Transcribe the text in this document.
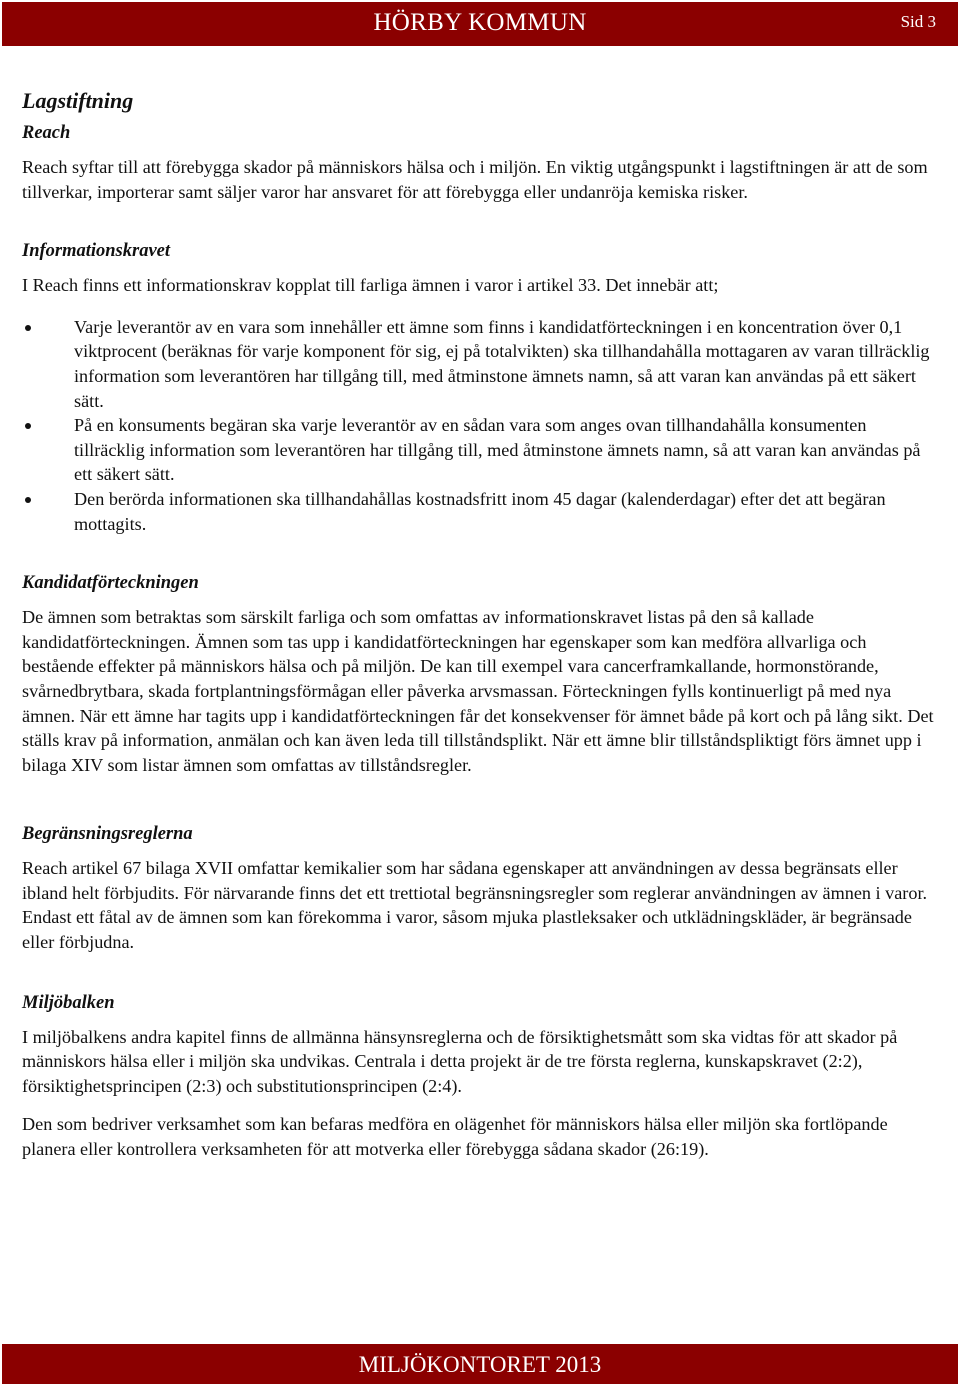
HÖRBY KOMMUN	Sid 3

Lagstiftning

Reach

Reach syftar till att förebygga skador på människors hälsa och i miljön. En viktig utgångspunkt i lagstiftningen är att de som tillverkar, importerar samt säljer varor har ansvaret för att förebygga eller undanröja kemiska risker.

Informationskravet

I Reach finns ett informationskrav kopplat till farliga ämnen i varor i artikel 33. Det innebär att;

Varje leverantör av en vara som innehåller ett ämne som finns i kandidatförteckningen i en koncentration över 0,1 viktprocent (beräknas för varje komponent för sig, ej på totalvikten) ska tillhandahålla mottagaren av varan tillräcklig information som leverantören har tillgång till, med åtminstone ämnets namn, så att varan kan användas på ett säkert sätt.
På en konsuments begäran ska varje leverantör av en sådan vara som anges ovan tillhandahålla konsumenten tillräcklig information som leverantören har tillgång till, med åtminstone ämnets namn, så att varan kan användas på ett säkert sätt.
Den berörda informationen ska tillhandahållas kostnadsfritt inom 45 dagar (kalenderdagar) efter det att begäran mottagits.

Kandidatförteckningen

De ämnen som betraktas som särskilt farliga och som omfattas av informationskravet listas på den så kallade kandidatförteckningen. Ämnen som tas upp i kandidatförteckningen har egenskaper som kan medföra allvarliga och bestående effekter på människors hälsa och på miljön. De kan till exempel vara cancerframkallande, hormonstörande, svårnedbrytbara, skada fortplantningsförmågan eller påverka arvsmassan. Förteckningen fylls kontinuerligt på med nya ämnen. När ett ämne har tagits upp i kandidatförteckningen får det konsekvenser för ämnet både på kort och på lång sikt. Det ställs krav på information, anmälan och kan även leda till tillståndsplikt. När ett ämne blir tillståndspliktigt förs ämnet upp i bilaga XIV som listar ämnen som omfattas av tillståndsregler.

Begränsningsreglerna

Reach artikel 67 bilaga XVII omfattar kemikalier som har sådana egenskaper att användningen av dessa begränsats eller ibland helt förbjudits. För närvarande finns det ett trettiotal begränsningsregler som reglerar användningen av ämnen i varor. Endast ett fåtal av de ämnen som kan förekomma i varor, såsom mjuka plastleksaker och utklädningskläder, är begränsade eller förbjudna.

Miljöbalken

I miljöbalkens andra kapitel finns de allmänna hänsynsreglerna och de försiktighetsmått som ska vidtas för att skador på människors hälsa eller i miljön ska undvikas. Centrala i detta projekt är de tre första reglerna, kunskapskravet (2:2), försiktighetsprincipen (2:3) och substitutionsprincipen (2:4).

Den som bedriver verksamhet som kan befaras medföra en olägenhet för människors hälsa eller miljön ska fortlöpande planera eller kontrollera verksamheten för att motverka eller förebygga sådana skador (26:19).

MILJÖKONTORET 2013
